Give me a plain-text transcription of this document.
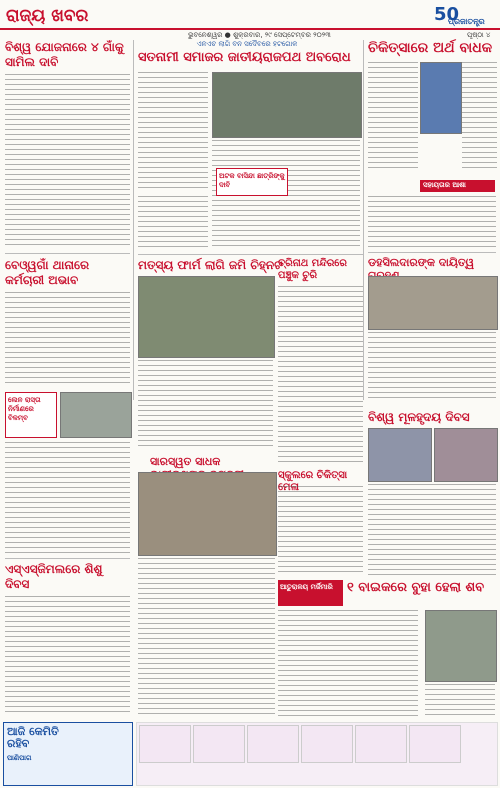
ରାଜ୍ୟ ଖବର
ଭୁବନେଶ୍ୱର ● ଶୁକ୍ରବାର, ୨୯ ସେପ୍ଟେମ୍ବର ୨୦୨୩	ପୃଷ୍ଠା ୪
50
ପ୍ରଜାତନ୍ତ୍ର
ବିଶ୍ୱ ଯୋଜନାରେ ୪ ଗାଁକୁ ସାମିଲ ଦାବି
ବେଓ୍ୱଗାଁ ଥାନାରେ କର୍ମଚାରୀ ଅଭାବ
ଲେନ ରାସ୍ତା ନିର୍ମାଣରେ ବିଳମ୍ବ
ଏସ୍ଏସ୍ଜିମଲରେ ଶିଶୁ ଦିବସ
ଆଜି କେମିତି ରହିବ
ପାଣିପାଗ
ଏନଏଚ ଲାଗି ବନ ସଦୈବରେ ହଟଗୋଳ
ସତନାମୀ ସମାଜର ଜାତୀୟରାଜପଥ ଅବରୋଧ
ଅଟକ ବାସିନ୍ଦା ଛାତ୍ରିଙ୍କୁ ଦାବି
ମତ୍ସ୍ୟ ଫାର୍ମ ଲାଗି ଜମି ଚିହ୍ନଟ
ତ୍ରିନାଥ ମନ୍ଦିରରେ ପଞ୍ଚୁକ ଚୁରି
ସାରସ୍ୱତ ସାଧକ
ସ୍କୁଲରେ ଚିକିତ୍ସା ମେଳା
ଆତୁରାଳୟ ମର୍ଜିମାରି	୧ ବାଇକରେ ବୁହା ହେଲା ଶବ
ଚିକିତ୍ସାରେ ଅର୍ଥ ବାଧକ
ସହାୟତାର ଆଶା
ଡହସିଲଦାରଙ୍କ ଦାୟିତ୍ୱ
ବିଶ୍ୱ ମୂଳହୃଦୟ ଦିବସ
